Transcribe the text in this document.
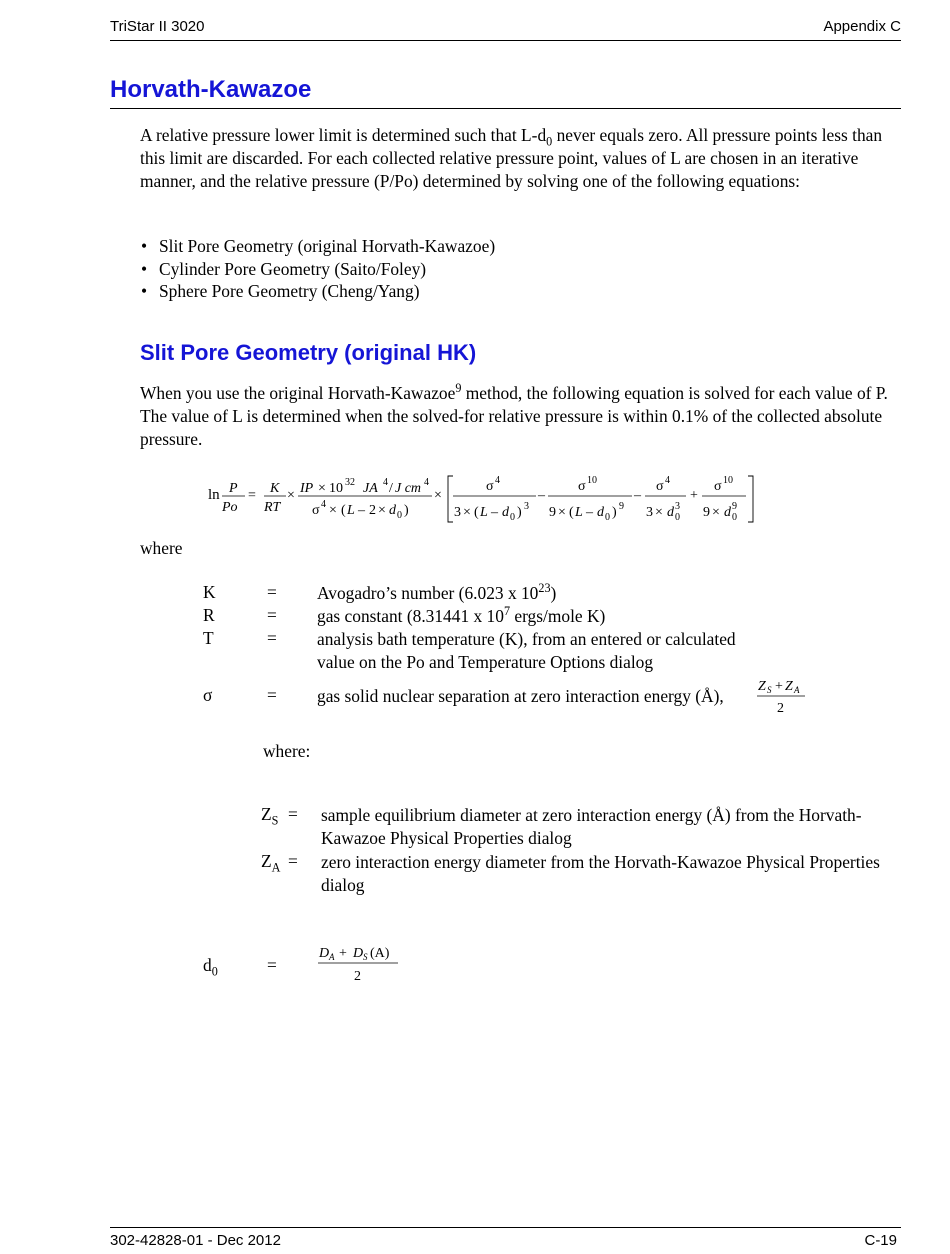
TriStar II 3020	Appendix C
Horvath-Kawazoe
A relative pressure lower limit is determined such that $L-d_0$ never equals zero. All pressure points less than this limit are discarded. For each collected relative pressure point, values of L are chosen in an iterative manner, and the relative pressure (P/Po) determined by solving one of the following equations:
• Slit Pore Geometry (original Horvath-Kawazoe)
• Cylinder Pore Geometry (Saito/Foley)
• Sphere Pore Geometry (Cheng/Yang)
Slit Pore Geometry (original HK)
When you use the original Horvath-Kawazoe$^9$ method, the following equation is solved for each value of P. The value of L is determined when the solved-for relative pressure is within 0.1% of the collected absolute pressure.
ln P
Po
= K
RT
× IP × 10 32 JA 4 / J cm 4
σ 4 × ( L – 2 × d 0 )
×
σ 4
3 × ( L – d 0 ) 3
–
σ 10
9 × ( L – d 0 ) 9
–
σ 4
3 × d 0
3
+
σ 10
9 × d 0
9
where
K	= Avogadro’s number (6.023 x $10^{23}$)
R	= gas constant (8.31441 x $10^7$ ergs/mole K)
T	= analysis bath temperature (K), from an entered or calculated
value on the Po and Temperature Options dialog
σ	= gas solid nuclear separation at zero interaction energy (Å), Z S + Z A
2
where:
$Z_S$ = sample equilibrium diameter at zero interaction energy (Å) from the Horvath-Kawazoe Physical Properties dialog
$Z_A$ = zero interaction energy diameter from the Horvath-Kawazoe Physical Properties dialog
$d_0$	=
D A + D S (A)
2
302-42828-01 - Dec 2012	C-19
